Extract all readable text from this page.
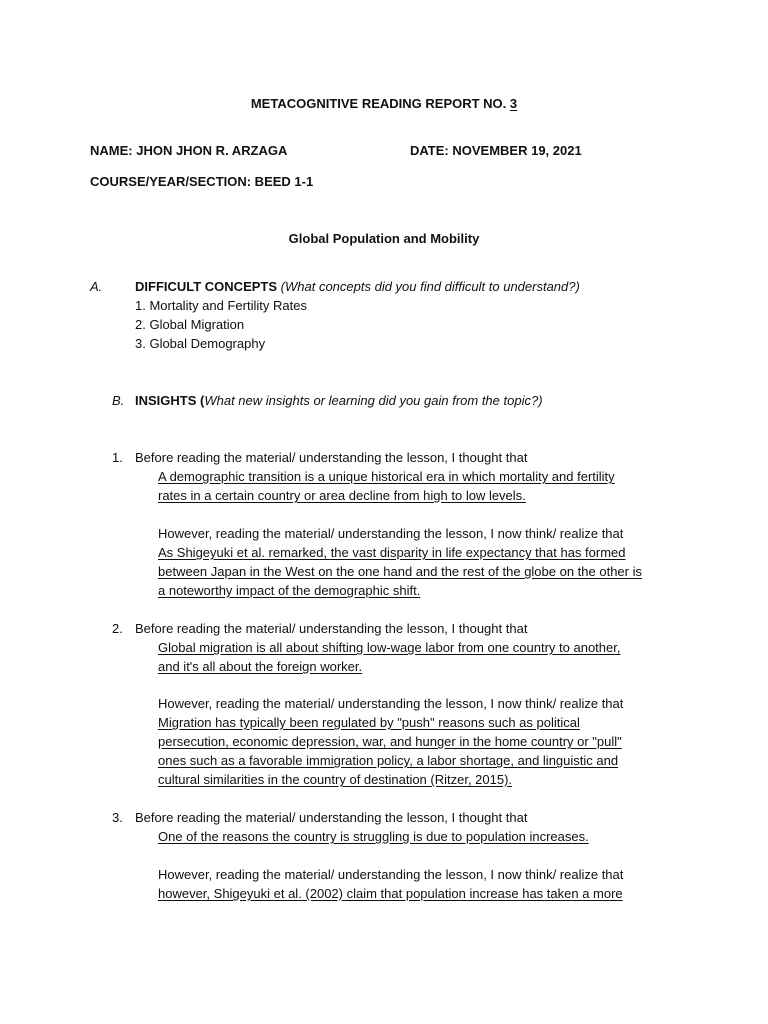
METACOGNITIVE READING REPORT NO. 3
NAME: JHON JHON R. ARZAGA	DATE: NOVEMBER 19, 2021
COURSE/YEAR/SECTION: BEED 1-1
Global Population and Mobility
A.	DIFFICULT CONCEPTS (What concepts did you find difficult to understand?)
1. Mortality and Fertility Rates
2. Global Migration
3. Global Demography
B. INSIGHTS (What new insights or learning did you gain from the topic?)
1. Before reading the material/ understanding the lesson, I thought that
A demographic transition is a unique historical era in which mortality and fertility
rates in a certain country or area decline from high to low levels.
However, reading the material/ understanding the lesson, I now think/ realize that
As Shigeyuki et al. remarked, the vast disparity in life expectancy that has formed
between Japan in the West on the one hand and the rest of the globe on the other is
a noteworthy impact of the demographic shift.
2. Before reading the material/ understanding the lesson, I thought that
Global migration is all about shifting low-wage labor from one country to another,
and it's all about the foreign worker.
However, reading the material/ understanding the lesson, I now think/ realize that
Migration has typically been regulated by "push" reasons such as political
persecution, economic depression, war, and hunger in the home country or "pull"
ones such as a favorable immigration policy, a labor shortage, and linguistic and
cultural similarities in the country of destination (Ritzer, 2015).
3. Before reading the material/ understanding the lesson, I thought that
One of the reasons the country is struggling is due to population increases.
However, reading the material/ understanding the lesson, I now think/ realize that
however, Shigeyuki et al. (2002) claim that population increase has taken a more
